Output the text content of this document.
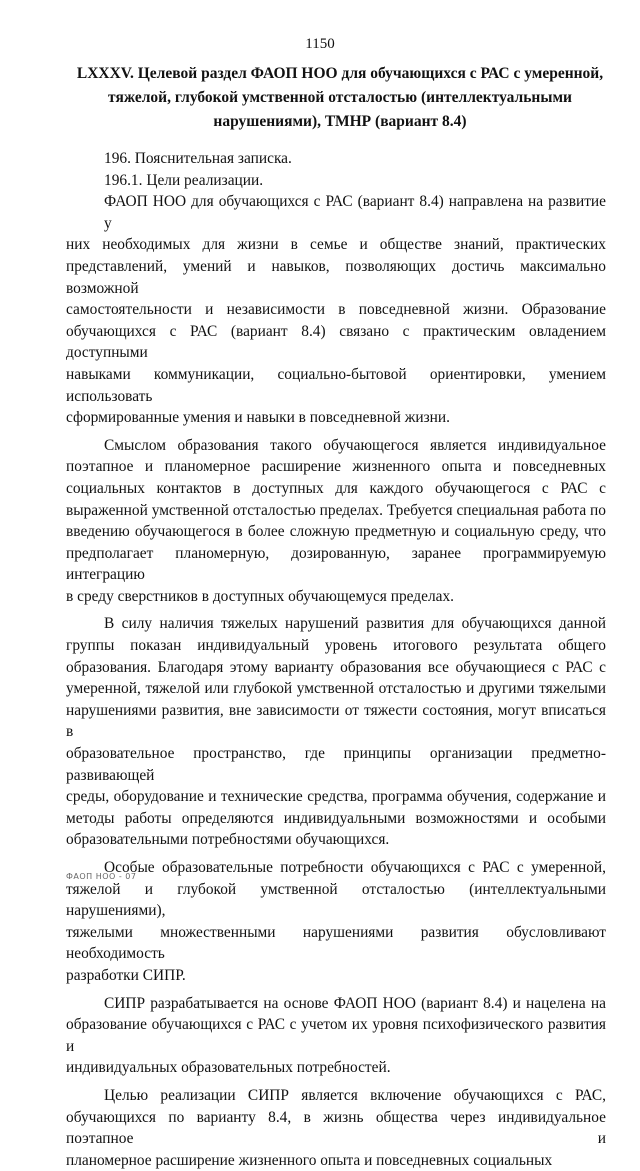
1150
LXXXV. Целевой раздел ФАОП НОО для обучающихся с РАС с умеренной,
тяжелой, глубокой умственной отсталостью (интеллектуальными
нарушениями), ТМНР (вариант 8.4)
196. Пояснительная записка.
196.1. Цели реализации.
ФАОП НОО для обучающихся с РАС (вариант 8.4) направлена на развитие у
них необходимых для жизни в семье и обществе знаний, практических
представлений, умений и навыков, позволяющих достичь максимально возможной
самостоятельности и независимости в повседневной жизни. Образование
обучающихся с РАС (вариант 8.4) связано с практическим овладением доступными
навыками коммуникации, социально-бытовой ориентировки, умением использовать
сформированные умения и навыки в повседневной жизни.
Смыслом образования такого обучающегося является индивидуальное
поэтапное и планомерное расширение жизненного опыта и повседневных
социальных контактов в доступных для каждого обучающегося с РАС с
выраженной умственной отсталостью пределах. Требуется специальная работа по
введению обучающегося в более сложную предметную и социальную среду, что
предполагает планомерную, дозированную, заранее программируемую интеграцию
в среду сверстников в доступных обучающемуся пределах.
В силу наличия тяжелых нарушений развития для обучающихся данной
группы показан индивидуальный уровень итогового результата общего
образования. Благодаря этому варианту образования все обучающиеся с РАС с
умеренной, тяжелой или глубокой умственной отсталостью и другими тяжелыми
нарушениями развития, вне зависимости от тяжести состояния, могут вписаться в
образовательное пространство, где принципы организации предметно-развивающей
среды, оборудование и технические средства, программа обучения, содержание и
методы работы определяются индивидуальными возможностями и особыми
образовательными потребностями обучающихся.
Особые образовательные потребности обучающихся с РАС с умеренной,
тяжелой и глубокой умственной отсталостью (интеллектуальными нарушениями),
тяжелыми множественными нарушениями развития обусловливают необходимость
разработки СИПР.
СИПР разрабатывается на основе ФАОП НОО (вариант 8.4) и нацелена на
образование обучающихся с РАС с учетом их уровня психофизического развития и
индивидуальных образовательных потребностей.
Целью реализации СИПР является включение обучающихся с РАС,
обучающихся по варианту 8.4, в жизнь общества через индивидуальное поэтапное и
планомерное расширение жизненного опыта и повседневных социальных
ФАОП НОО - 07
